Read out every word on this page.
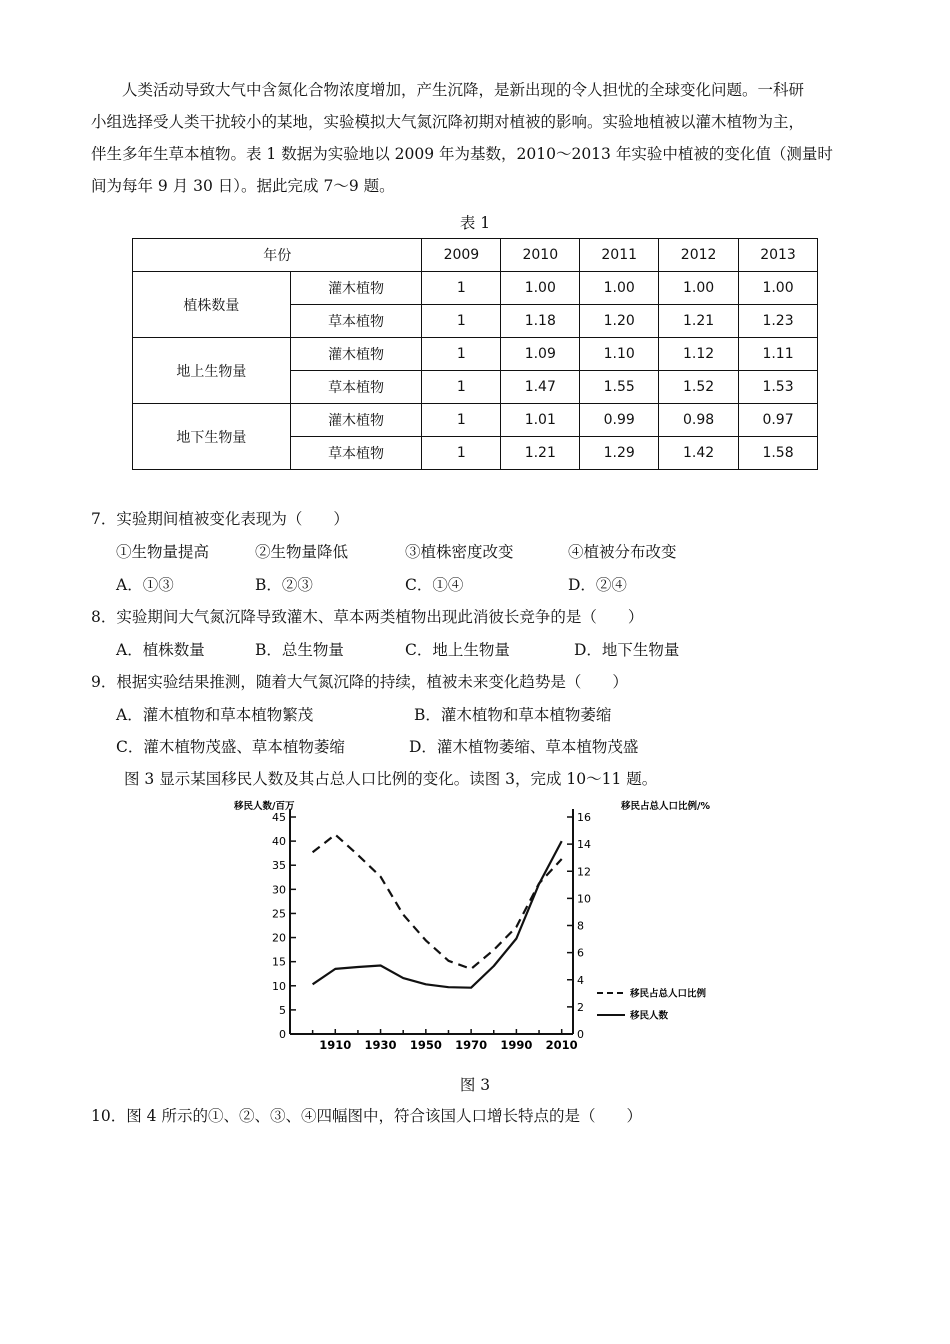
人类活动导致大气中含氮化合物浓度增加，产生沉降，是新出现的令人担忧的全球变化问题。一科研
小组选择受人类干扰较小的某地，实验模拟大气氮沉降初期对植被的影响。实验地植被以灌木植物为主，
伴生多年生草本植物。表 1 数据为实验地以 2009 年为基数，2010～2013 年实验中植被的变化值（测量时
间为每年 9 月 30 日）。据此完成 7～9 题。
表 1
年份		2009	2010	2011	2012	2013
植株数量	灌木植物	1	1.00	1.00	1.00	1.00
	草本植物	1	1.18	1.20	1.21	1.23
地上生物量	灌木植物	1	1.09	1.10	1.12	1.11
	草本植物	1	1.47	1.55	1.52	1.53
地下生物量	灌木植物	1	1.01	0.99	0.98	0.97
	草本植物	1	1.21	1.29	1.42	1.58
7．实验期间植被变化表现为（　　）
①生物量提高	②生物量降低	③植株密度改变	④植被分布改变
A．①③	B．②③	C．①④	D．②④
8．实验期间大气氮沉降导致灌木、草本两类植物出现此消彼长竞争的是（　　）
A．植株数量	B．总生物量	C．地上生物量	D．地下生物量
9．根据实验结果推测，随着大气氮沉降的持续，植被未来变化趋势是（　　）
A．灌木植物和草本植物繁茂	B．灌木植物和草本植物萎缩
C．灌木植物茂盛、草本植物萎缩	D．灌木植物萎缩、草本植物茂盛
图 3 显示某国移民人数及其占总人口比例的变化。读图 3，完成 10～11 题。
移民人数/百万	移民占总人口比例/%
0
5
10
15
20
25
30
35
40
45
0
2
4
6
8
10
12
14
16
1910 1930 1950 1970 1990 2010
移民占总人口比例
移民人数
图 3
10．图 4 所示的①、②、③、④四幅图中，符合该国人口增长特点的是（　　）
